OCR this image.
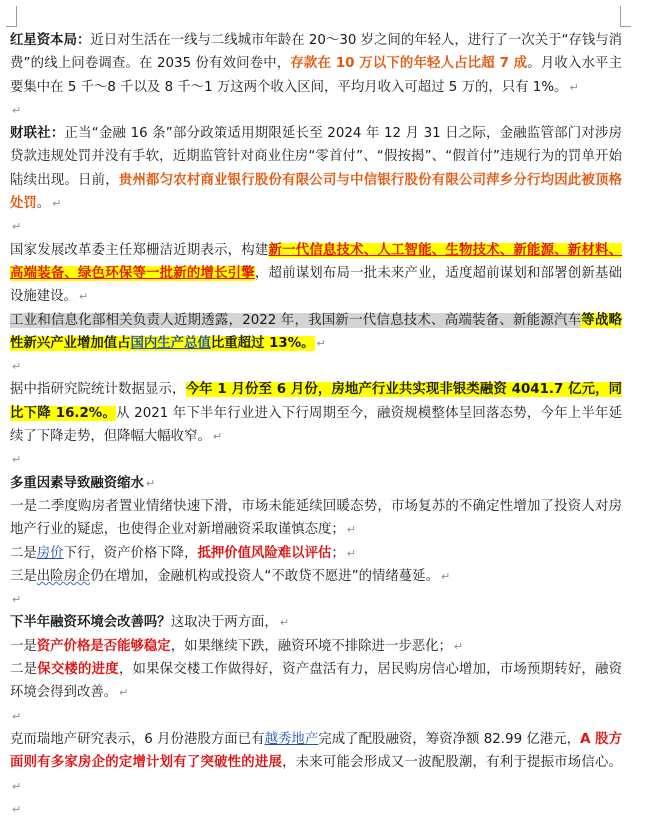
红星资本局：近日对生活在一线与二线城市年龄在 20～30 岁之间的年轻人，进行了一次关于“存钱与消费”的线上问卷调查。在 2035 份有效问卷中，存款在 10 万以下的年轻人占比超 7 成。月收入水平主要集中在 5 千～8 千以及 8 千～1 万这两个收入区间，平均月收入可超过 5 万的，只有 1%。 ↵
↵
财联社：正当“金融 16 条”部分政策适用期限延长至 2024 年 12 月 31 日之际，金融监管部门对涉房贷款违规处罚并没有手软，近期监管针对商业住房“零首付”、“假按揭”、“假首付”违规行为的罚单开始陆续出现。日前，贵州都匀农村商业银行股份有限公司与中信银行股份有限公司萍乡分行均因此被顶格处罚。 ↵
↵
国家发展改革委主任郑栅洁近期表示，构建新一代信息技术、人工智能、生物技术、新能源、新材料、高端装备、绿色环保等一批新的增长引擎，超前谋划布局一批未来产业，适度超前谋划和部署创新基础设施建设。 ↵
工业和信息化部相关负责人近期透露，2022 年，我国新一代信息技术、高端装备、新能源汽车等战略性新兴产业增加值占国内生产总值比重超过 13%。 ↵
↵
据中指研究院统计数据显示，今年 1 月份至 6 月份，房地产行业共实现非银类融资 4041.7 亿元，同比下降 16.2%。从 2021 年下半年行业进入下行周期至今，融资规模整体呈回落态势，今年上半年延续了下降走势，但降幅大幅收窄。 ↵
↵
多重因素导致融资缩水 ↵
一是二季度购房者置业情绪快速下滑，市场未能延续回暖态势，市场复苏的不确定性增加了投资人对房地产行业的疑虑，也使得企业对新增融资采取谨慎态度； ↵
二是房价下行，资产价格下降，抵押价值风险难以评估； ↵
三是出险房企仍在增加，金融机构或投资人“不敢贷不愿进”的情绪蔓延。 ↵
↵
下半年融资环境会改善吗？这取决于两方面， ↵
一是资产价格是否能够稳定，如果继续下跌，融资环境不排除进一步恶化； ↵
二是保交楼的进度，如果保交楼工作做得好，资产盘活有力，居民购房信心增加，市场预期转好，融资环境会得到改善。 ↵
↵
克而瑞地产研究表示，6 月份港股方面已有越秀地产完成了配股融资，筹资净额 82.99 亿港元，A 股方面则有多家房企的定增计划有了突破性的进展，未来可能会形成又一波配股潮，有利于提振市场信心。↵
↵
